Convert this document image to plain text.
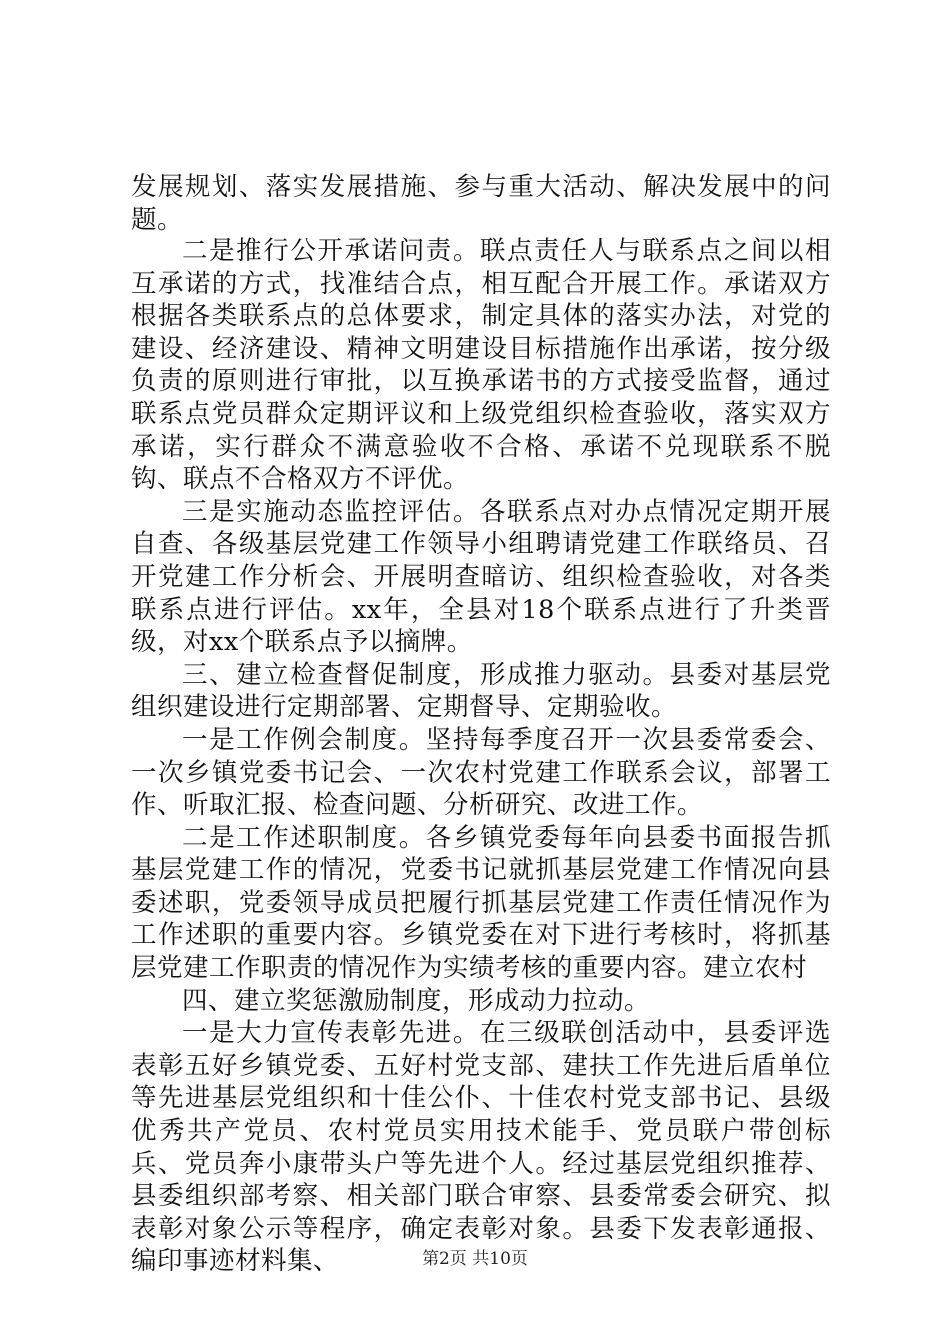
发展规划、落实发展措施、参与重大活动、解决发展中的问题。

二是推行公开承诺问责。联点责任人与联系点之间以相互承诺的方式，找准结合点，相互配合开展工作。承诺双方根据各类联系点的总体要求，制定具体的落实办法，对党的建设、经济建设、精神文明建设目标措施作出承诺，按分级负责的原则进行审批，以互换承诺书的方式接受监督，通过联系点党员群众定期评议和上级党组织检查验收，落实双方承诺，实行群众不满意验收不合格、承诺不兑现联系不脱钩、联点不合格双方不评优。

三是实施动态监控评估。各联系点对办点情况定期开展自查、各级基层党建工作领导小组聘请党建工作联络员、召开党建工作分析会、开展明查暗访、组织检查验收，对各类联系点进行评估。xx年，全县对18个联系点进行了升类晋级，对xx个联系点予以摘牌。

三、建立检查督促制度，形成推力驱动。县委对基层党组织建设进行定期部署、定期督导、定期验收。

一是工作例会制度。坚持每季度召开一次县委常委会、一次乡镇党委书记会、一次农村党建工作联系会议，部署工作、听取汇报、检查问题、分析研究、改进工作。

二是工作述职制度。各乡镇党委每年向县委书面报告抓基层党建工作的情况，党委书记就抓基层党建工作情况向县委述职，党委领导成员把履行抓基层党建工作责任情况作为工作述职的重要内容。乡镇党委在对下进行考核时，将抓基层党建工作职责的情况作为实绩考核的重要内容。建立农村

四、建立奖惩激励制度，形成动力拉动。

一是大力宣传表彰先进。在三级联创活动中，县委评选表彰五好乡镇党委、五好村党支部、建扶工作先进后盾单位等先进基层党组织和十佳公仆、十佳农村党支部书记、县级优秀共产党员、农村党员实用技术能手、党员联户带创标兵、党员奔小康带头户等先进个人。经过基层党组织推荐、县委组织部考察、相关部门联合审察、县委常委会研究、拟表彰对象公示等程序，确定表彰对象。县委下发表彰通报、编印事迹材料集、	第2页 共10页
